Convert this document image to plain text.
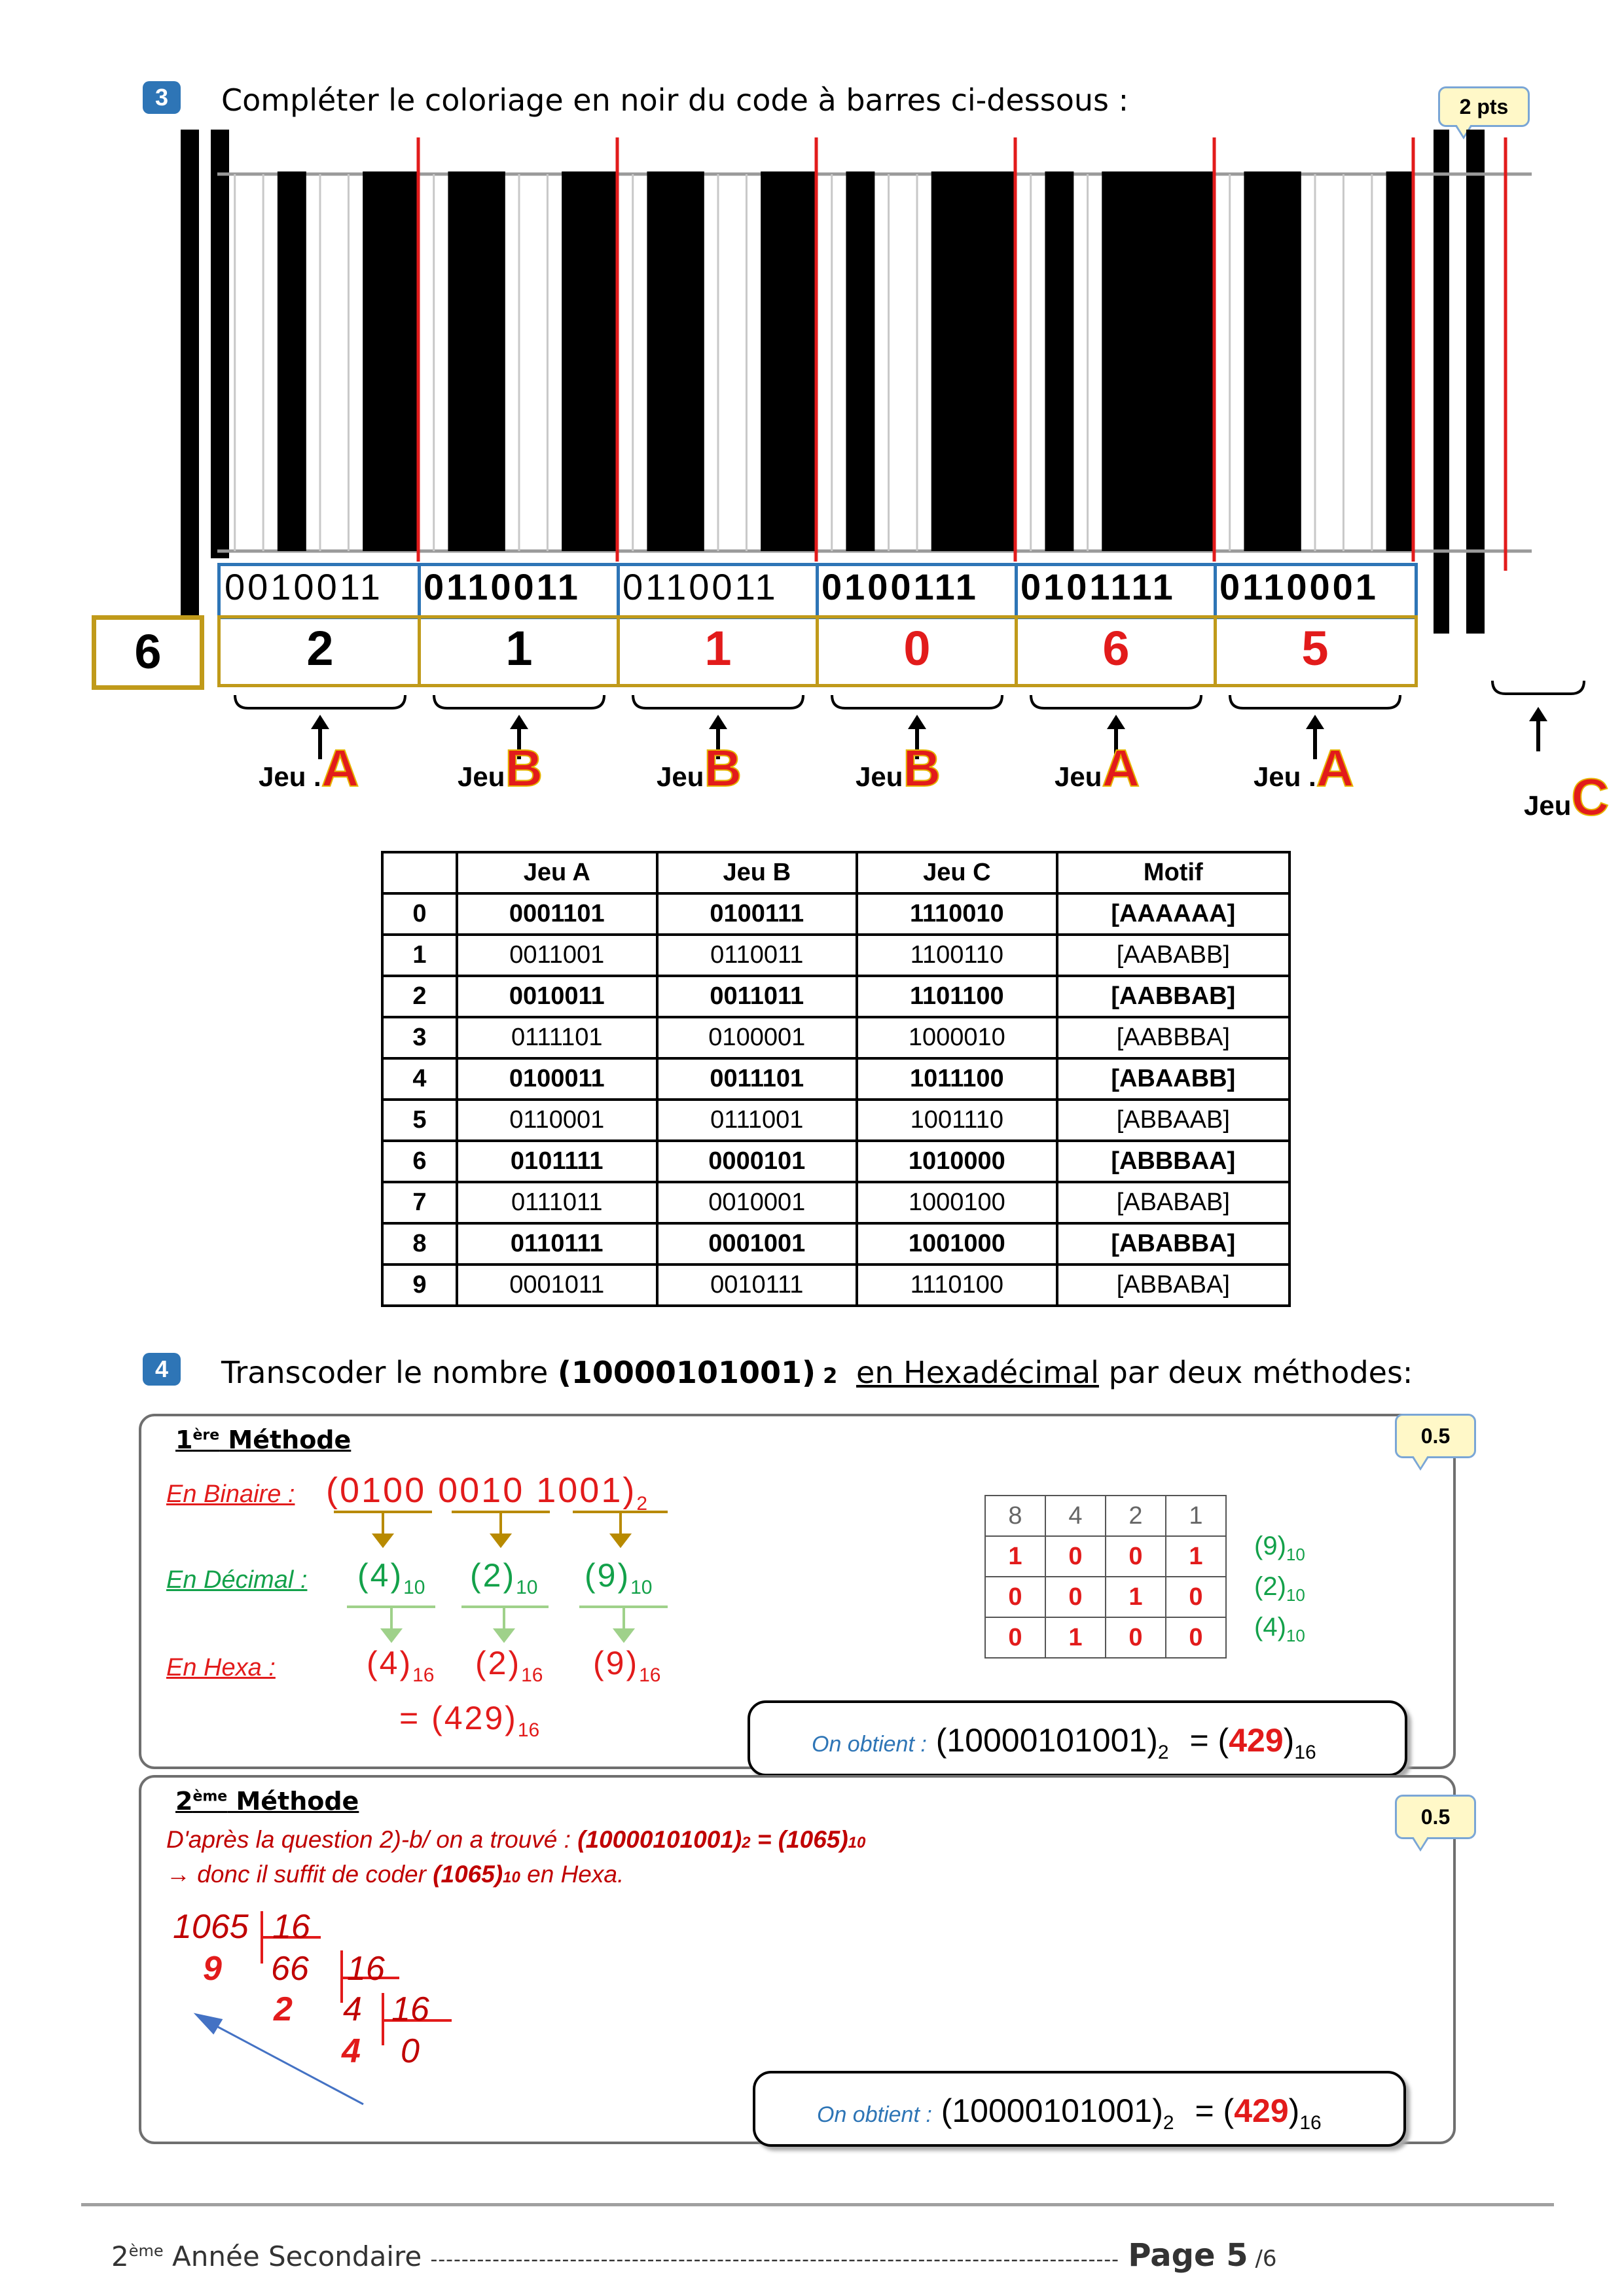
3	Compléter le coloriage en noir du code à barres ci-dessous :	2 pts
6
0010011
2
Jeu .A
0110011
1
JeuB
0110011
1
JeuB
0100111
0
JeuB
0101111
6
JeuA
0110001
5
Jeu .A
JeuC
	Jeu A	Jeu B	Jeu C	Motif
0	0001101	0100111	1110010	[AAAAAA]
1	0011001	0110011	1100110	[AABABB]
2	0010011	0011011	1101100	[AABBAB]
3	0111101	0100001	1000010	[AABBBA]
4	0100011	0011101	1011100	[ABAABB]
5	0110001	0111001	1001110	[ABBAAB]
6	0101111	0000101	1010000	[ABBBAA]
7	0111011	0010001	1000100	[ABABAB]
8	0110111	0001001	1001000	[ABABBA]
9	0001011	0010111	1110100	[ABBABA]
4	Transcoder le nombre (10000101001) 2 en Hexadécimal par deux méthodes:
1ère Méthode	0.5
En Binaire :
En Décimal :
En Hexa :
(0100 0010 $1001)_2$
$(4)_{10}$ $(2)_{10}$ $(9)_{10}$
$(4)_{16}$ $(2)_{16}$ $(9)_{16}$
= $(429)_{16}$
8	4	2	1
1	0	0	1
0	0	1	0
0	1	0	0
$(9)_{10}$
$(2)_{10}$
$(4)_{10}$
On obtient : $(10000101001)_2 = (429)_{16}$
2ème Méthode
0.5
D'après la question 2)-b/ on a trouvé : (10000101001)2 = (1065)10
→ donc il suffit de coder (1065)10 en Hexa.
1065 16
9 66 16
2 4 16
4 0
On obtient : $(10000101001)_2 = (429)_{16}$
2ème Année Secondaire ----------------------------------------------------------------------------------------- Page 5 /6
